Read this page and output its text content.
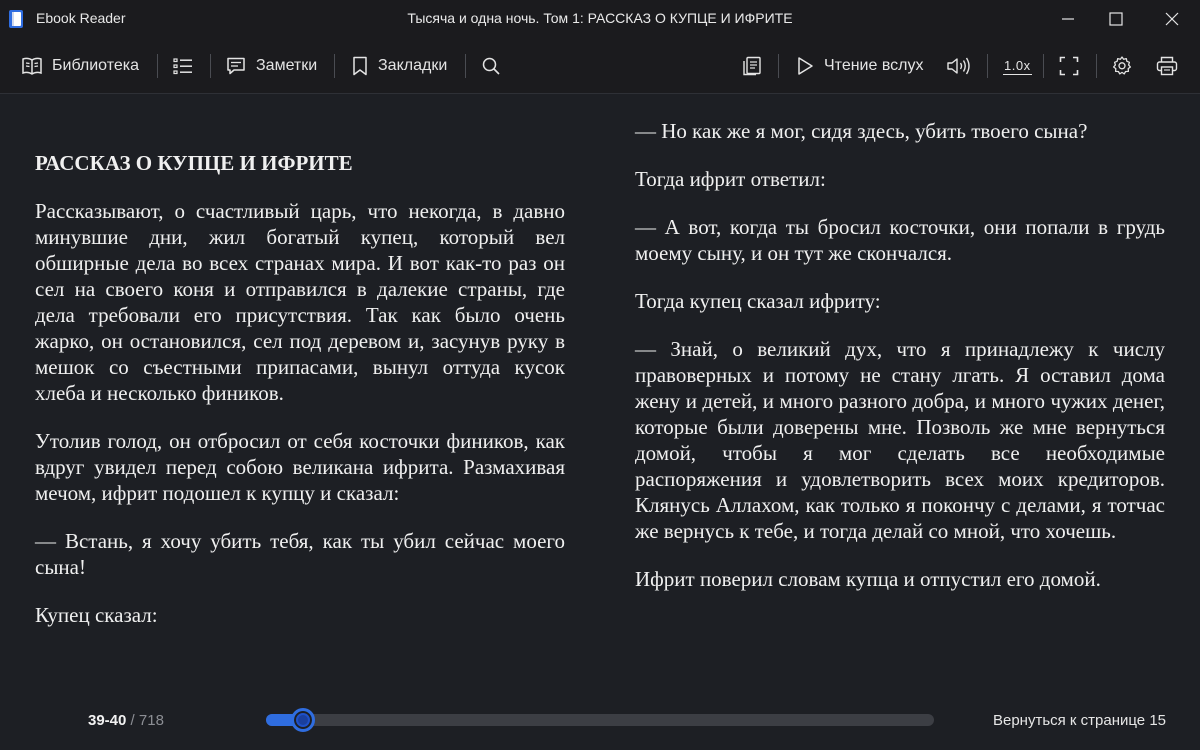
Ebook Reader	Тысяча и одна ночь. Том 1: РАССКАЗ О КУПЦЕ И ИФРИТЕ
Библиотека	Заметки	Закладки	Чтение вслух	1.0x
РАССКАЗ О КУПЦЕ И ИФРИТЕ

Рассказывают, о счастливый царь, что некогда, в давно минувшие дни, жил богатый купец, который вел обширные дела во всех странах мира. И вот как-то раз он сел на своего коня и отправился в далекие страны, где дела требовали его присутствия. Так как было очень жарко, он остановился, сел под деревом и, засунув руку в мешок со съестными припасами, вынул оттуда кусок хлеба и несколько фиников.

Утолив голод, он отбросил от себя косточки фиников, как вдруг увидел перед собою великана ифрита. Размахивая мечом, ифрит подошел к купцу и сказал:

— Встань, я хочу убить тебя, как ты убил сейчас моего сына!

Купец сказал:

— Но как же я мог, сидя здесь, убить твоего сына?

Тогда ифрит ответил:

— А вот, когда ты бросил косточки, они попали в грудь моему сыну, и он тут же скончался.

Тогда купец сказал ифриту:

— Знай, о великий дух, что я принадлежу к числу правоверных и потому не стану лгать. Я оставил дома жену и детей, и много разного добра, и много чужих денег, которые были доверены мне. Позволь же мне вернуться домой, чтобы я мог сделать все необходимые распоряжения и удовлетворить всех моих кредиторов. Клянусь Аллахом, как только я покончу с делами, я тотчас же вернусь к тебе, и тогда делай со мной, что хочешь.

Ифрит поверил словам купца и отпустил его домой.

39-40 / 718	Вернуться к странице 15
